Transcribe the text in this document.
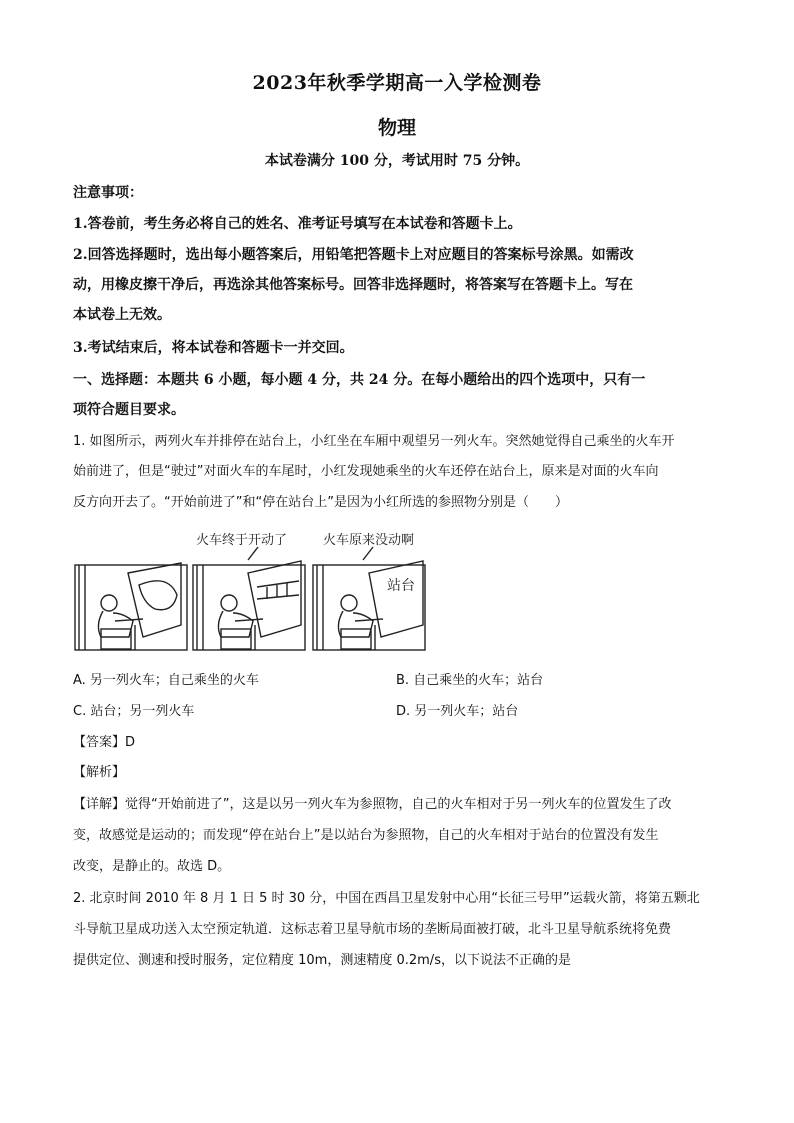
2023年秋季学期高一入学检测卷
物理
本试卷满分 100 分，考试用时 75 分钟。
注意事项：
1.答卷前，考生务必将自己的姓名、准考证号填写在本试卷和答题卡上。
2.回答选择题时，选出每小题答案后，用铅笔把答题卡上对应题目的答案标号涂黑。如需改
动，用橡皮擦干净后，再选涂其他答案标号。回答非选择题时，将答案写在答题卡上。写在
本试卷上无效。
3.考试结束后，将本试卷和答题卡一并交回。
一、选择题：本题共 6 小题，每小题 4 分，共 24 分。在每小题给出的四个选项中，只有一
项符合题目要求。
1. 如图所示，两列火车并排停在站台上，小红坐在车厢中观望另一列火车。突然她觉得自己乘坐的火车开
始前进了，但是“驶过”对面火车的车尾时，小红发现她乘坐的火车还停在站台上，原来是对面的火车向
反方向开去了。“开始前进了”和“停在站台上”是因为小红所选的参照物分别是（　　）
火车终于开动了	火车原来没动啊
站台
A. 另一列火车；自己乘坐的火车	B. 自己乘坐的火车；站台
C. 站台；另一列火车	D. 另一列火车；站台
【答案】D
【解析】
【详解】觉得“开始前进了”，这是以另一列火车为参照物，自己的火车相对于另一列火车的位置发生了改
变，故感觉是运动的；而发现“停在站台上”是以站台为参照物，自己的火车相对于站台的位置没有发生
改变，是静止的。故选 D。
2. 北京时间 2010 年 8 月 1 日 5 时 30 分，中国在西昌卫星发射中心用“长征三号甲”运载火箭，将第五颗北
斗导航卫星成功送入太空预定轨道．这标志着卫星导航市场的垄断局面被打破，北斗卫星导航系统将免费
提供定位、测速和授时服务，定位精度 10m，测速精度 0.2m/s，以下说法不正确的是
